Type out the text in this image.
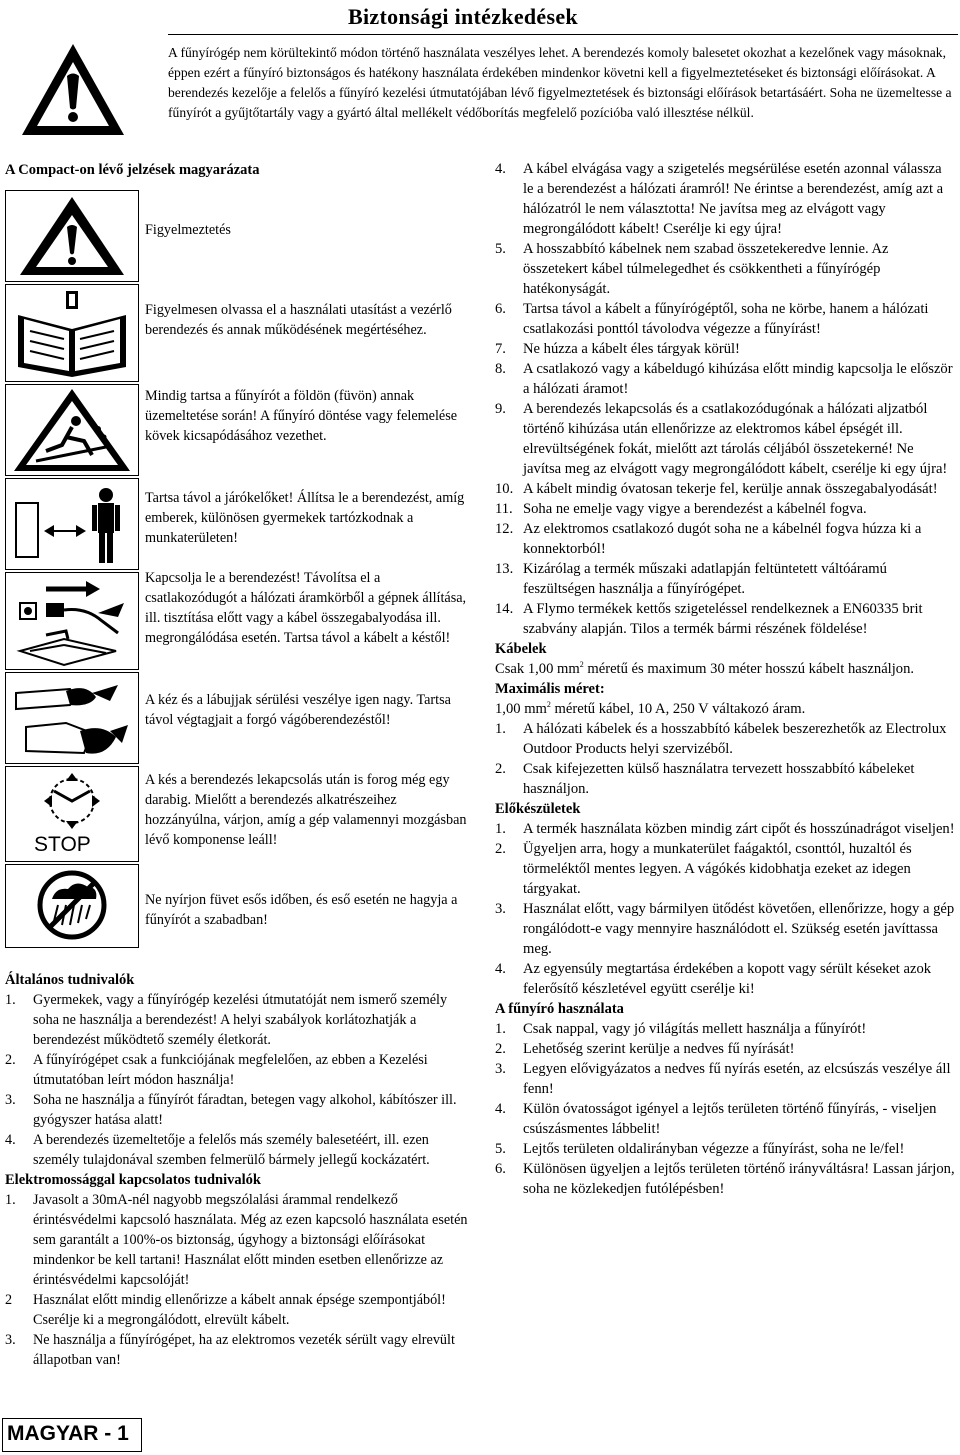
Biztonsági intézkedések

A fűnyírógép nem körültekintő módon történő használata veszélyes lehet. A berendezés komoly balesetet okozhat a kezelőnek vagy másoknak, éppen ezért a fűnyíró biztonságos és hatékony használata érdekében mindenkor követni kell a figyelmeztetéseket és biztonsági előírásokat. A berendezés kezelője a felelős a fűnyíró kezelési útmutatójában lévő figyelmeztetések és biztonsági előírások betartásáért. Soha ne üzemeltesse a fűnyírót a gyűjtőtartály vagy a gyártó által mellékelt védőborítás megfelelő pozícióba való illesztése nélkül.

A Compact-on lévő jelzések magyarázata
Figyelmeztetés
Figyelmesen olvassa el a használati utasítást a vezérlő berendezés és annak működésének megértéséhez.
Mindig tartsa a fűnyírót a földön (füvön) annak üzemeltetése során! A fűnyíró döntése vagy felemelése kövek kicsapódásához vezethet.
Tartsa távol a járókelőket! Állítsa le a berendezést, amíg emberek, különösen gyermekek tartózkodnak a munkaterületen!
Kapcsolja le a berendezést! Távolítsa el a csatlakozódugót a hálózati áramkörből a gépnek állítása, ill. tisztítása előtt vagy a kábel összegabalyodása ill. megrongálódása esetén. Tartsa távol a kábelt a késtől!
A kéz és a lábujjak sérülési veszélye igen nagy. Tartsa távol végtagjait a forgó vágóberendezéstől!
STOP
A kés a berendezés lekapcsolás után is forog még egy darabig. Mielőtt a berendezés alkatrészeihez hozzányúlna, várjon, amíg a gép valamennyi mozgásban lévő komponense leáll!
Ne nyírjon füvet esős időben, és eső esetén ne hagyja a fűnyírót a szabadban!
Általános tudnivalók
1. Gyermekek, vagy a fűnyírógép kezelési útmutatóját nem ismerő személy soha ne használja a berendezést! A helyi szabályok korlátozhatják a berendezést működtető személy életkorát.
2. A fűnyírógépet csak a funkciójának megfelelően, az ebben a Kezelési útmutatóban leírt módon használja!
3. Soha ne használja a fűnyírót fáradtan, betegen vagy alkohol, kábítószer ill. gyógyszer hatása alatt!
4. A berendezés üzemeltetője a felelős más személy balesetéért, ill. ezen személy tulajdonával szemben felmerülő bármely jellegű kockázatért.
Elektromossággal kapcsolatos tudnivalók
1. Javasolt a 30mA-nél nagyobb megszólalási árammal rendelkező érintésvédelmi kapcsoló használata. Még az ezen kapcsoló használata esetén sem garantált a 100%-os biztonság, úgyhogy a biztonsági előírásokat mindenkor be kell tartani! Használat előtt minden esetben ellenőrizze az érintésvédelmi kapcsolóját!
2 Használat előtt mindig ellenőrizze a kábelt annak épsége szempontjából! Cserélje ki a megrongálódott, elrevült kábelt.
3. Ne használja a fűnyírógépet, ha az elektromos vezeték sérült vagy elrevült állapotban van!
4. A kábel elvágása vagy a szigetelés megsérülése esetén azonnal válassza le a berendezést a hálózati áramról! Ne érintse a berendezést, amíg azt a hálózatról le nem választotta! Ne javítsa meg az elvágott vagy megrongálódott kábelt! Cserélje ki egy újra!
5. A hosszabbító kábelnek nem szabad összetekeredve lennie. Az összetekert kábel túlmelegedhet és csökkentheti a fűnyírógép hatékonyságát.
6. Tartsa távol a kábelt a fűnyírógéptől, soha ne körbe, hanem a hálózati csatlakozási ponttól távolodva végezze a fűnyírást!
7. Ne húzza a kábelt éles tárgyak körül!
8. A csatlakozó vagy a kábeldugó kihúzása előtt mindig kapcsolja le először a hálózati áramot!
9. A berendezés lekapcsolás és a csatlakozódugónak a hálózati aljzatból történő kihúzása után ellenőrizze az elektromos kábel épségét ill. elrevültségének fokát, mielőtt azt tárolás céljából összetekerné! Ne javítsa meg az elvágott vagy megrongálódott kábelt, cserélje ki egy újra!
10. A kábelt mindig óvatosan tekerje fel, kerülje annak összegabalyodását!
11. Soha ne emelje vagy vigye a berendezést a kábelnél fogva.
12. Az elektromos csatlakozó dugót soha ne a kábelnél fogva húzza ki a konnektorból!
13. Kizárólag a termék műszaki adatlapján feltüntetett váltóáramú feszültségen használja a fűnyírógépet.
14. A Flymo termékek kettős szigeteléssel rendelkeznek a EN60335 brit szabvány alapján. Tilos a termék bármi részének földelése!
Kábelek

Csak 1,00 $mm^2$ méretű és maximum 30 méter hosszú kábelt használjon.

Maximális méret:

1,00 $mm^2$ méretű kábel, 10 A, 250 V váltakozó áram.

1. A hálózati kábelek és a hosszabbító kábelek beszerezhetők az Electrolux Outdoor Products helyi szervizéből.
2. Csak kifejezetten külső használatra tervezett hosszabbító kábeleket használjon.
Előkészületek
1. A termék használata közben mindig zárt cipőt és hosszúnadrágot viseljen!
2. Ügyeljen arra, hogy a munkaterület faágaktól, csonttól, huzaltól és törmeléktől mentes legyen. A vágókés kidobhatja ezeket az idegen tárgyakat.
3. Használat előtt, vagy bármilyen ütődést követően, ellenőrizze, hogy a gép rongálódott-e vagy mennyire használódott el. Szükség esetén javíttassa meg.
4. Az egyensúly megtartása érdekében a kopott vagy sérült késeket azok felerősítő készletével együtt cserélje ki!
A fűnyíró használata
1. Csak nappal, vagy jó világítás mellett használja a fűnyírót!
2. Lehetőség szerint kerülje a nedves fű nyírását!
3. Legyen elővigyázatos a nedves fű nyírás esetén, az elcsúszás veszélye áll fenn!
4. Külön óvatosságot igényel a lejtős területen történő fűnyírás, - viseljen csúszásmentes lábbelit!
5. Lejtős területen oldalirányban végezze a fűnyírást, soha ne le/fel!
6. Különösen ügyeljen a lejtős területen történő irányváltásra! Lassan járjon, soha ne közlekedjen futólépésben!
MAGYAR - 1
